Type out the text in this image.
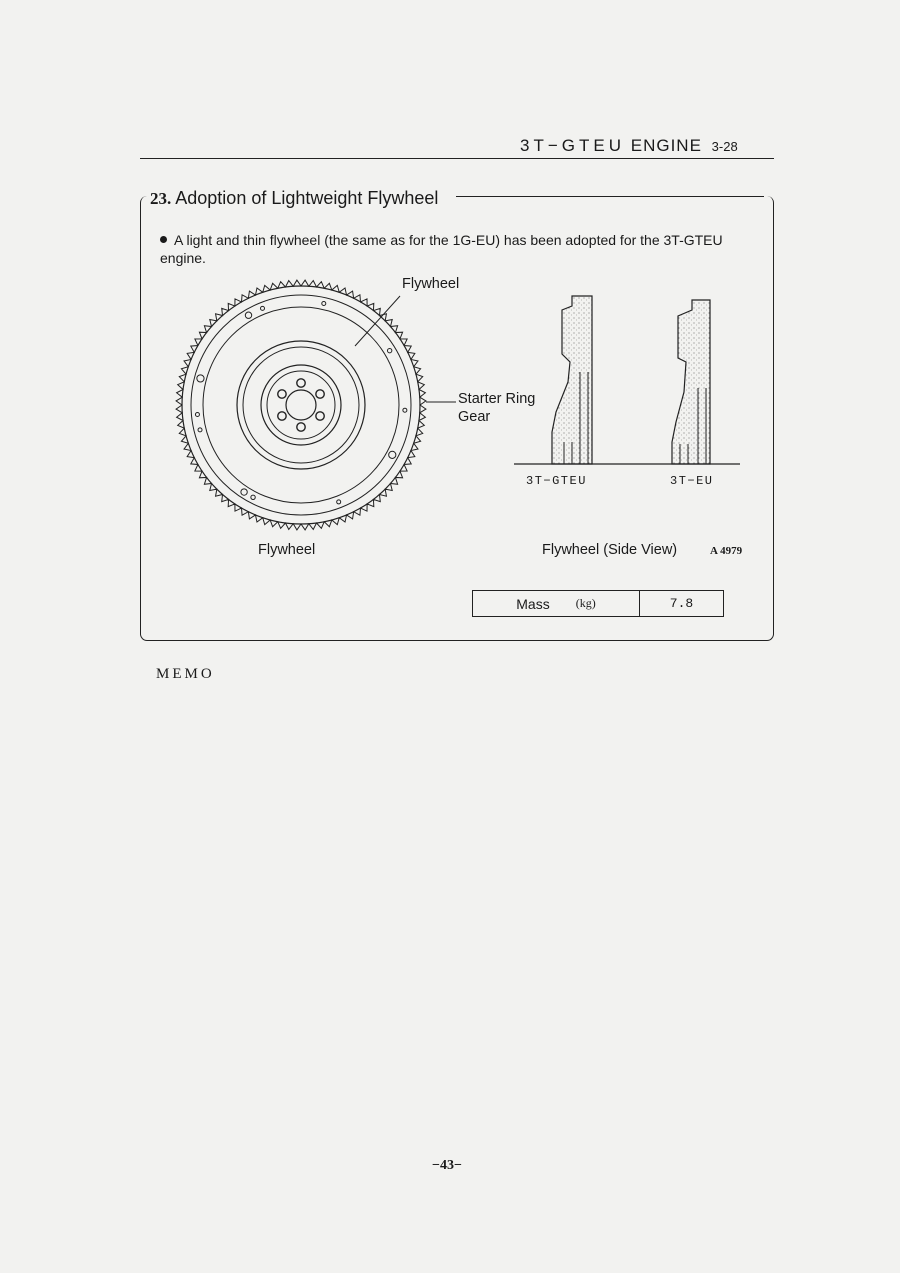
3T−GTEU ENGINE 3-28
23. Adoption of Lightweight Flywheel
A light and thin flywheel (the same as for the 1G-EU) has been adopted for the 3T-GTEU engine.
Flywheel
Starter Ring
Gear
Flywheel
3T−GTEU	3T−EU
Flywheel (Side View)	A 4979
Mass (kg)	7.8
MEMO
−43−
